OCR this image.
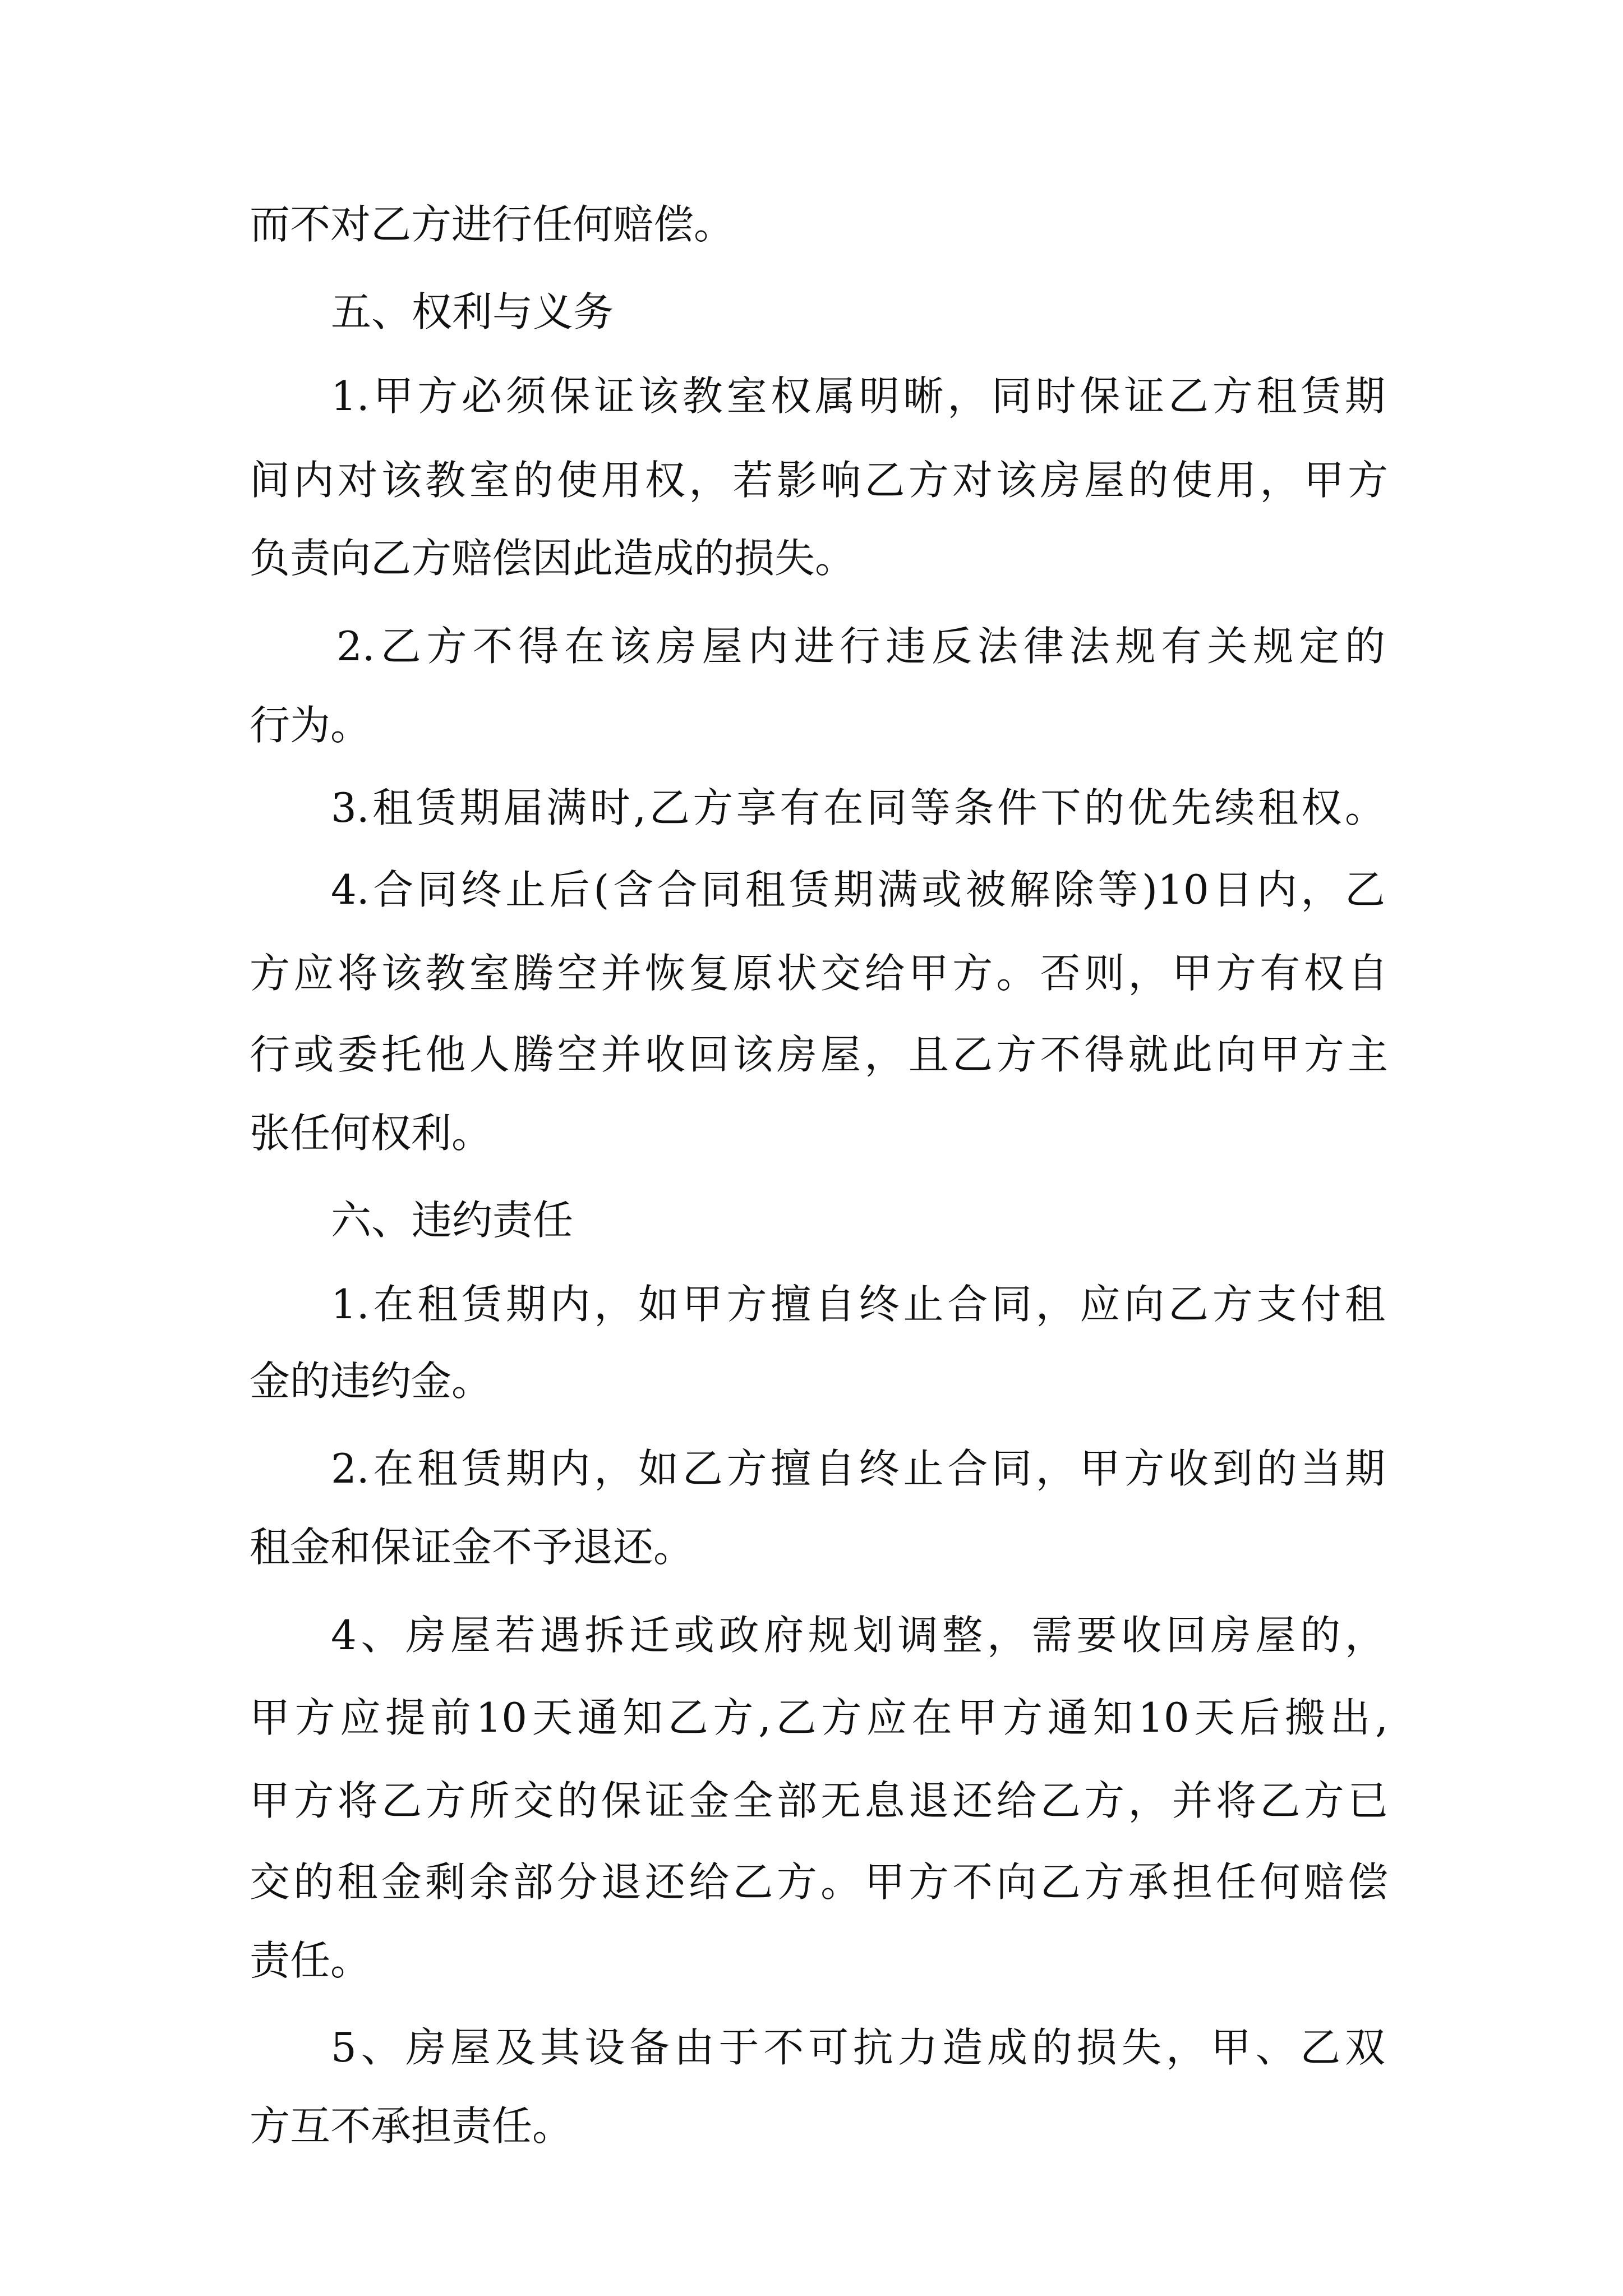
而不对乙方进行任何赔偿。
五、权利与义务
1.甲方必须保证该教室权属明晰，同时保证乙方租赁期
间内对该教室的使用权，若影响乙方对该房屋的使用，甲方
负责向乙方赔偿因此造成的损失。
2.乙方不得在该房屋内进行违反法律法规有关规定的
行为。
3.租赁期届满时,乙方享有在同等条件下的优先续租权。
4.合同终止后(含合同租赁期满或被解除等)10日内，乙
方应将该教室腾空并恢复原状交给甲方。否则，甲方有权自
行或委托他人腾空并收回该房屋，且乙方不得就此向甲方主
张任何权利。
六、违约责任
1.在租赁期内，如甲方擅自终止合同，应向乙方支付租
金的违约金。
2.在租赁期内，如乙方擅自终止合同，甲方收到的当期
租金和保证金不予退还。
4、房屋若遇拆迁或政府规划调整，需要收回房屋的，
甲方应提前10天通知乙方,乙方应在甲方通知10天后搬出,
甲方将乙方所交的保证金全部无息退还给乙方，并将乙方已
交的租金剩余部分退还给乙方。甲方不向乙方承担任何赔偿
责任。
5、房屋及其设备由于不可抗力造成的损失，甲、乙双
方互不承担责任。
